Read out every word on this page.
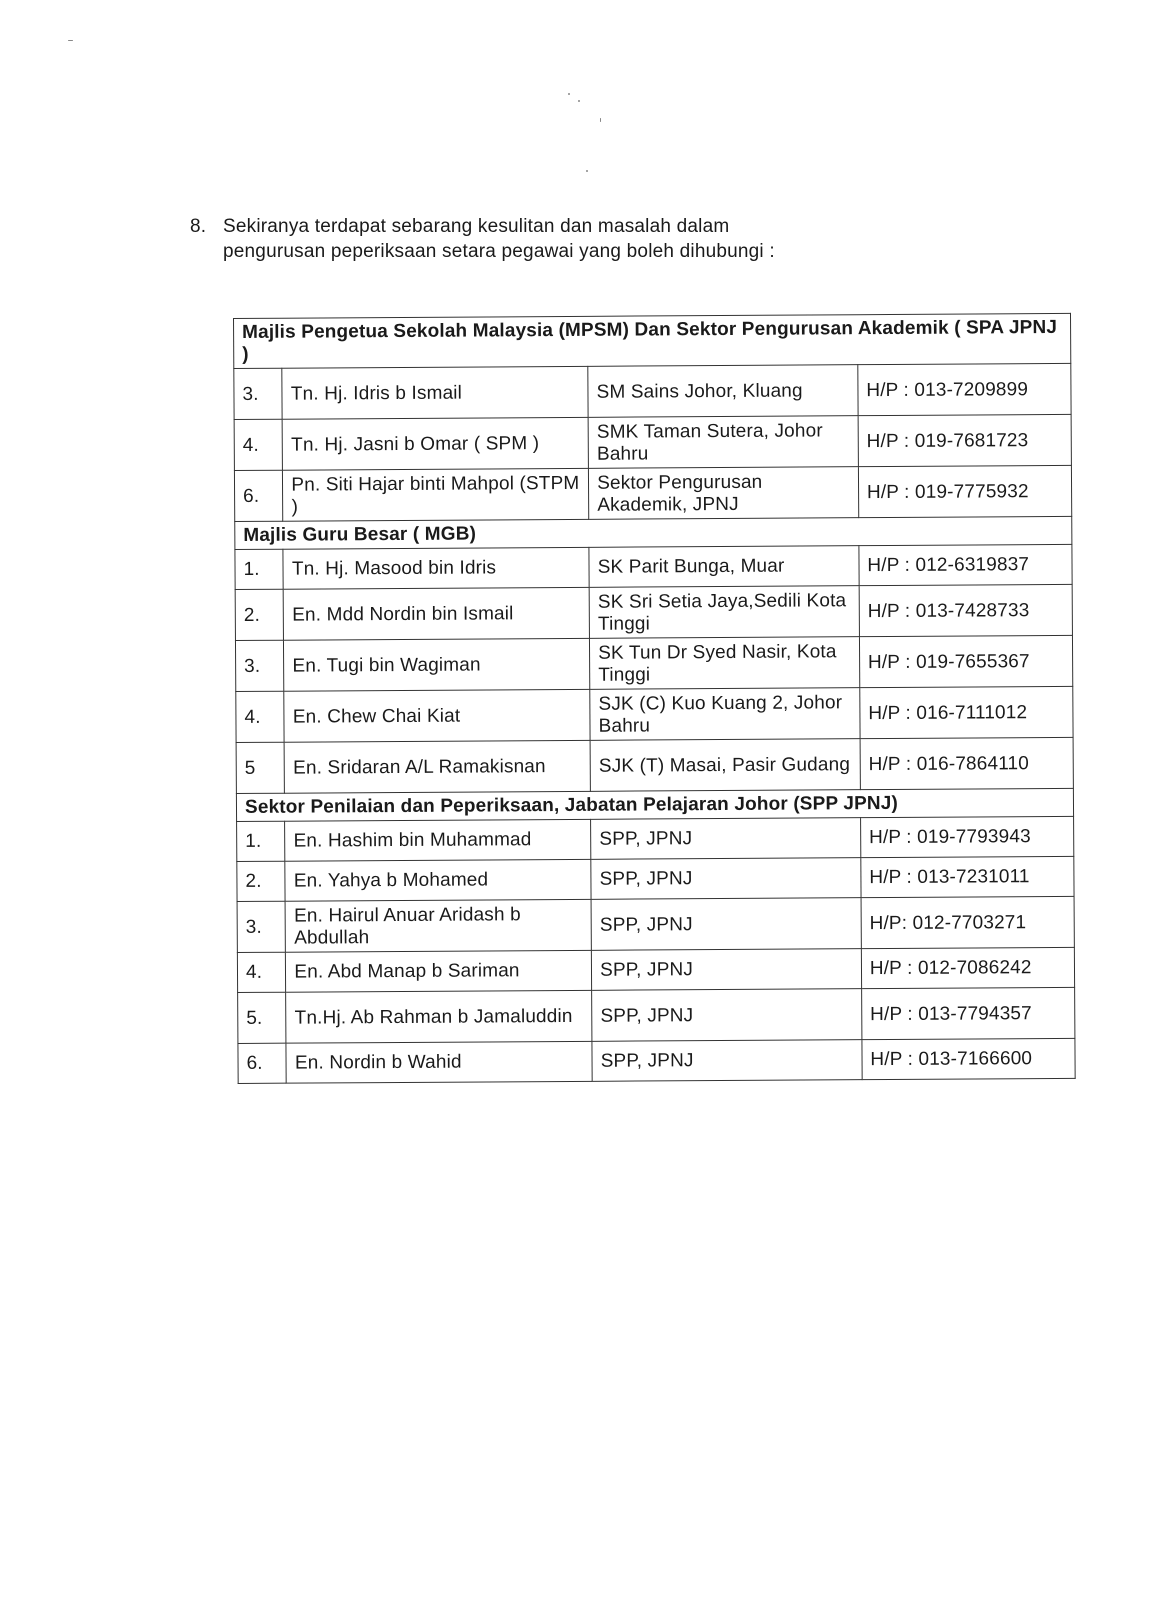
8. Sekiranya terdapat sebarang kesulitan dan masalah dalam
pengurusan peperiksaan setara pegawai yang boleh dihubungi :
Majlis Pengetua Sekolah Malaysia (MPSM) Dan Sektor Pengurusan Akademik ( SPA JPNJ )			
3.	Tn. Hj. Idris b Ismail	SM Sains Johor, Kluang	H/P : 013-7209899
4.	Tn. Hj. Jasni b Omar ( SPM )	SMK Taman Sutera, Johor Bahru	H/P : 019-7681723
6.	Pn. Siti Hajar binti Mahpol (STPM )	Sektor Pengurusan Akademik, JPNJ	H/P : 019-7775932
Majlis Guru Besar ( MGB)			
1.	Tn. Hj. Masood bin Idris	SK Parit Bunga, Muar	H/P : 012-6319837
2.	En. Mdd Nordin bin Ismail	SK Sri Setia Jaya,Sedili Kota Tinggi	H/P : 013-7428733
3.	En. Tugi bin Wagiman	SK Tun Dr Syed Nasir, Kota Tinggi	H/P : 019-7655367
4.	En. Chew Chai Kiat	SJK (C) Kuo Kuang 2, Johor Bahru	H/P : 016-7111012
5	En. Sridaran A/L Ramakisnan	SJK (T) Masai, Pasir Gudang	H/P : 016-7864110
Sektor Penilaian dan Peperiksaan, Jabatan Pelajaran Johor (SPP JPNJ)			
1.	En. Hashim bin Muhammad	SPP, JPNJ	H/P : 019-7793943
2.	En. Yahya b Mohamed	SPP, JPNJ	H/P : 013-7231011
3.	En. Hairul Anuar Aridash b Abdullah	SPP, JPNJ	H/P: 012-7703271
4.	En. Abd Manap b Sariman	SPP, JPNJ	H/P : 012-7086242
5.	Tn.Hj. Ab Rahman b Jamaluddin	SPP, JPNJ	H/P : 013-7794357
6.	En. Nordin b Wahid	SPP, JPNJ	H/P : 013-7166600
